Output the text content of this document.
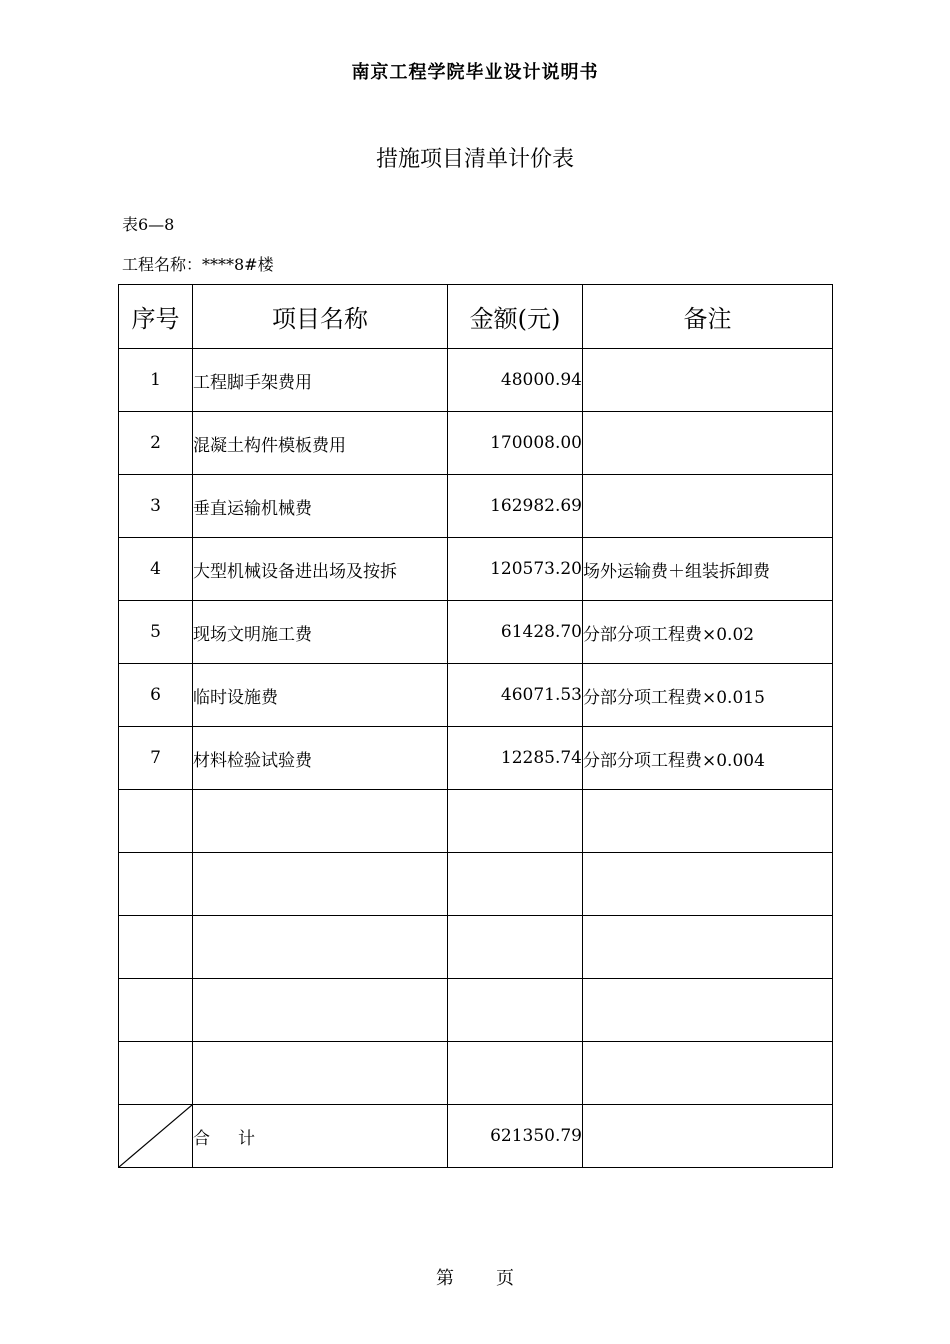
南京工程学院毕业设计说明书
措施项目清单计价表
表6—8
工程名称：****8#楼
序号	项目名称	金额(元)	备注
1	工程脚手架费用	48000.94	
2	混凝土构件模板费用	170008.00	
3	垂直运输机械费	162982.69	
4	大型机械设备进出场及按拆	120573.20	场外运输费＋组装拆卸费
5	现场文明施工费	61428.70	分部分项工程费×0.02
6	临时设施费	46071.53	分部分项工程费×0.015
7	材料检验试验费	12285.74	分部分项工程费×0.004

	合 计	621350.79	
第 页
